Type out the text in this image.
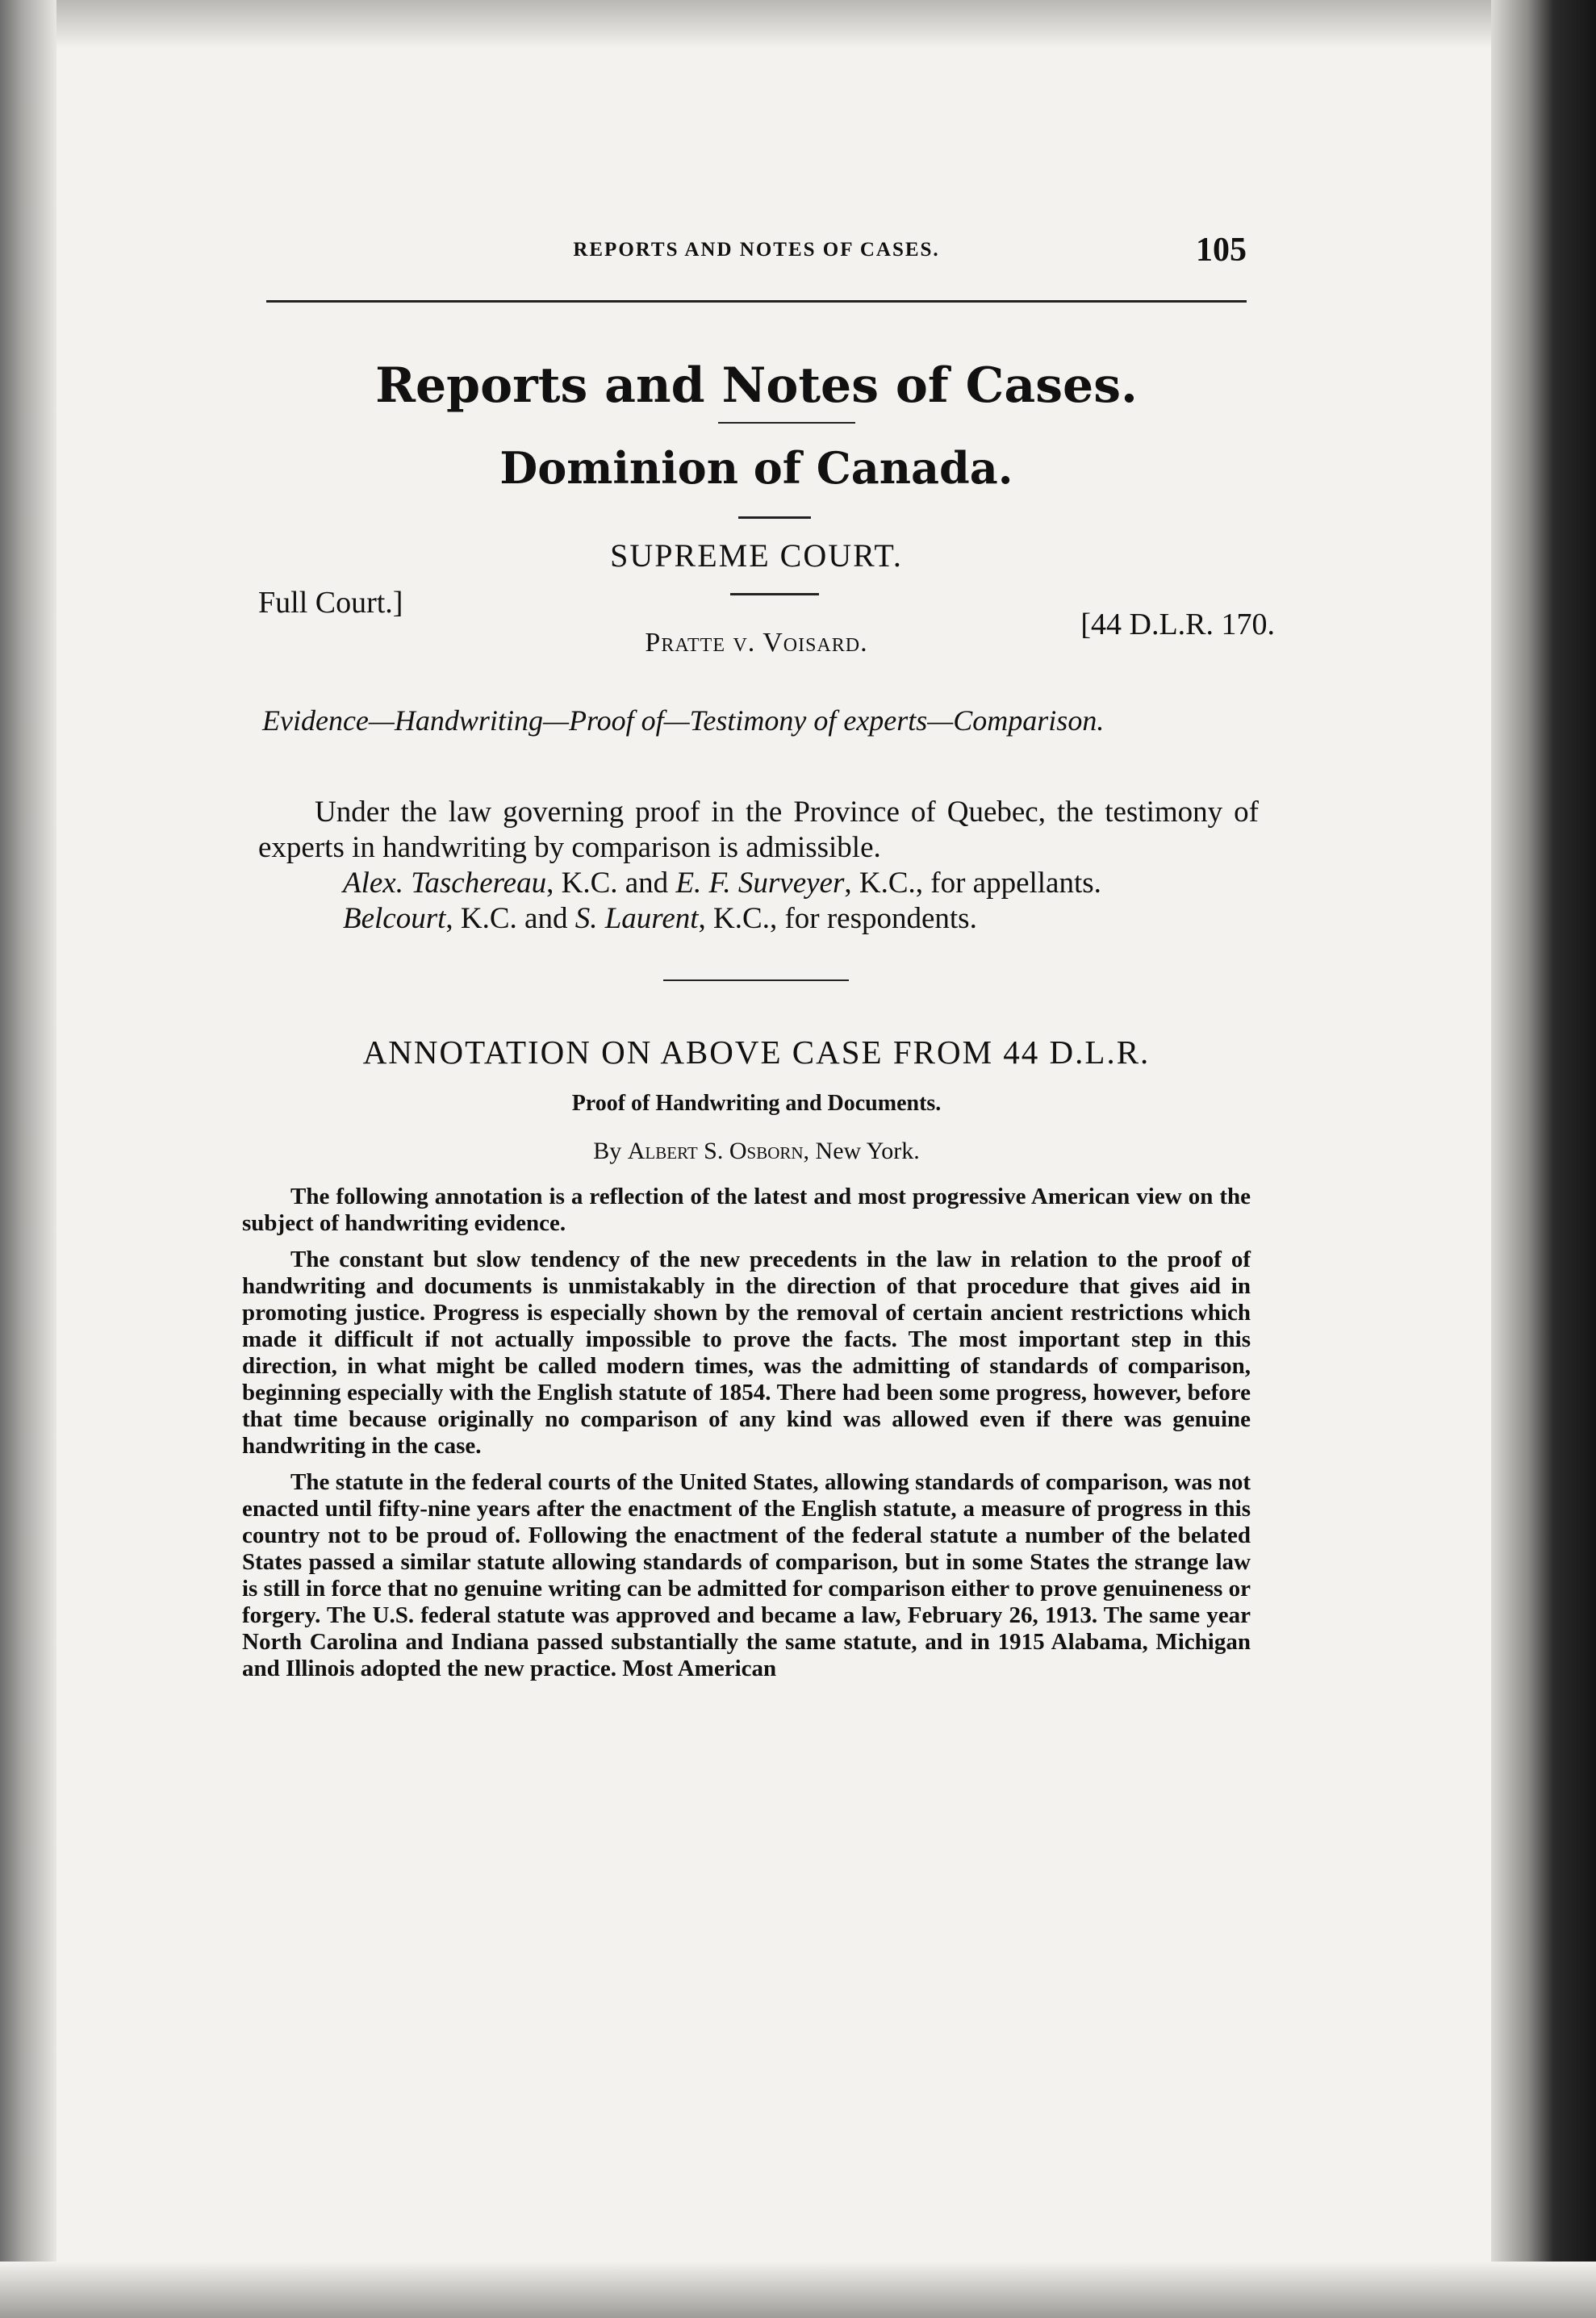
REPORTS AND NOTES OF CASES.	105
Reports and Notes of Cases.
Dominion of Canada.
SUPREME COURT.
Full Court.]
[44 D.L.R. 170.
Pratte v. Voisard.
Evidence—Handwriting—Proof of—Testimony of experts—Comparison.
Under the law governing proof in the Province of Quebec, the testimony of experts in handwriting by comparison is admissible.
Alex. Taschereau, K.C. and E. F. Surveyer, K.C., for appellants.
Belcourt, K.C. and S. Laurent, K.C., for respondents.
ANNOTATION ON ABOVE CASE FROM 44 D.L.R.
Proof of Handwriting and Documents.
By Albert S. Osborn, New York.

The following annotation is a reflection of the latest and most progressive American view on the subject of handwriting evidence.

The constant but slow tendency of the new precedents in the law in relation to the proof of handwriting and documents is unmistakably in the direction of that procedure that gives aid in promoting justice. Progress is especially shown by the removal of certain ancient restrictions which made it difficult if not actually impossible to prove the facts. The most important step in this direction, in what might be called modern times, was the admitting of standards of comparison, beginning especially with the English statute of 1854. There had been some progress, however, before that time because originally no comparison of any kind was allowed even if there was genuine handwriting in the case.

The statute in the federal courts of the United States, allowing standards of comparison, was not enacted until fifty-nine years after the enactment of the English statute, a measure of progress in this country not to be proud of. Following the enactment of the federal statute a number of the belated States passed a similar statute allowing standards of comparison, but in some States the strange law is still in force that no genuine writing can be admitted for comparison either to prove genuineness or forgery. The U.S. federal statute was approved and became a law, February 26, 1913. The same year North Carolina and Indiana passed substantially the same statute, and in 1915 Alabama, Michigan and Illinois adopted the new practice. Most American
